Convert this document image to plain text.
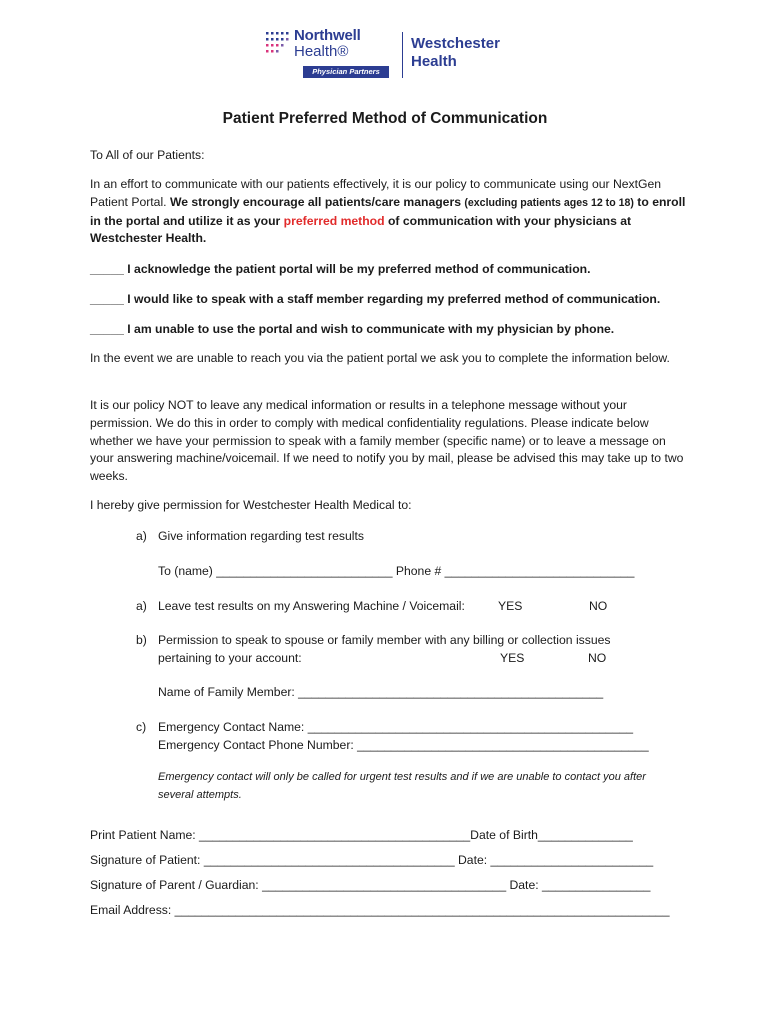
Northwell
Health®
Physician Partners
Westchester
Health
Patient Preferred Method of Communication
To All of our Patients:
In an effort to communicate with our patients effectively, it is our policy to communicate using our NextGen Patient Portal. We strongly encourage all patients/care managers (excluding patients ages 12 to 18) to enroll in the portal and utilize it as your preferred method of communication with your physicians at Westchester Health.
_____ I acknowledge the patient portal will be my preferred method of communication.
_____ I would like to speak with a staff member regarding my preferred method of communication.
_____ I am unable to use the portal and wish to communicate with my physician by phone.
In the event we are unable to reach you via the patient portal we ask you to complete the information below.
It is our policy NOT to leave any medical information or results in a telephone message without your permission. We do this in order to comply with medical confidentiality regulations. Please indicate below whether we have your permission to speak with a family member (specific name) or to leave a message on your answering machine/voicemail. If we need to notify you by mail, please be advised this may take up to two weeks.
I hereby give permission for Westchester Health Medical to:
a) Give information regarding test results
To (name) __________________________ Phone # ____________________________
a) Leave test results on my Answering Machine / Voicemail:	YES	NO
b) Permission to speak to spouse or family member with any billing or collection issues
pertaining to your account:	YES	NO
Name of Family Member: _____________________________________________
c) Emergency Contact Name: ________________________________________________
Emergency Contact Phone Number: ___________________________________________
Emergency contact will only be called for urgent test results and if we are unable to contact you after several attempts.
Print Patient Name: ________________________________________Date of Birth______________
Signature of Patient: _____________________________________ Date: ________________________
Signature of Parent / Guardian: ____________________________________ Date: ________________
Email Address: _________________________________________________________________________
